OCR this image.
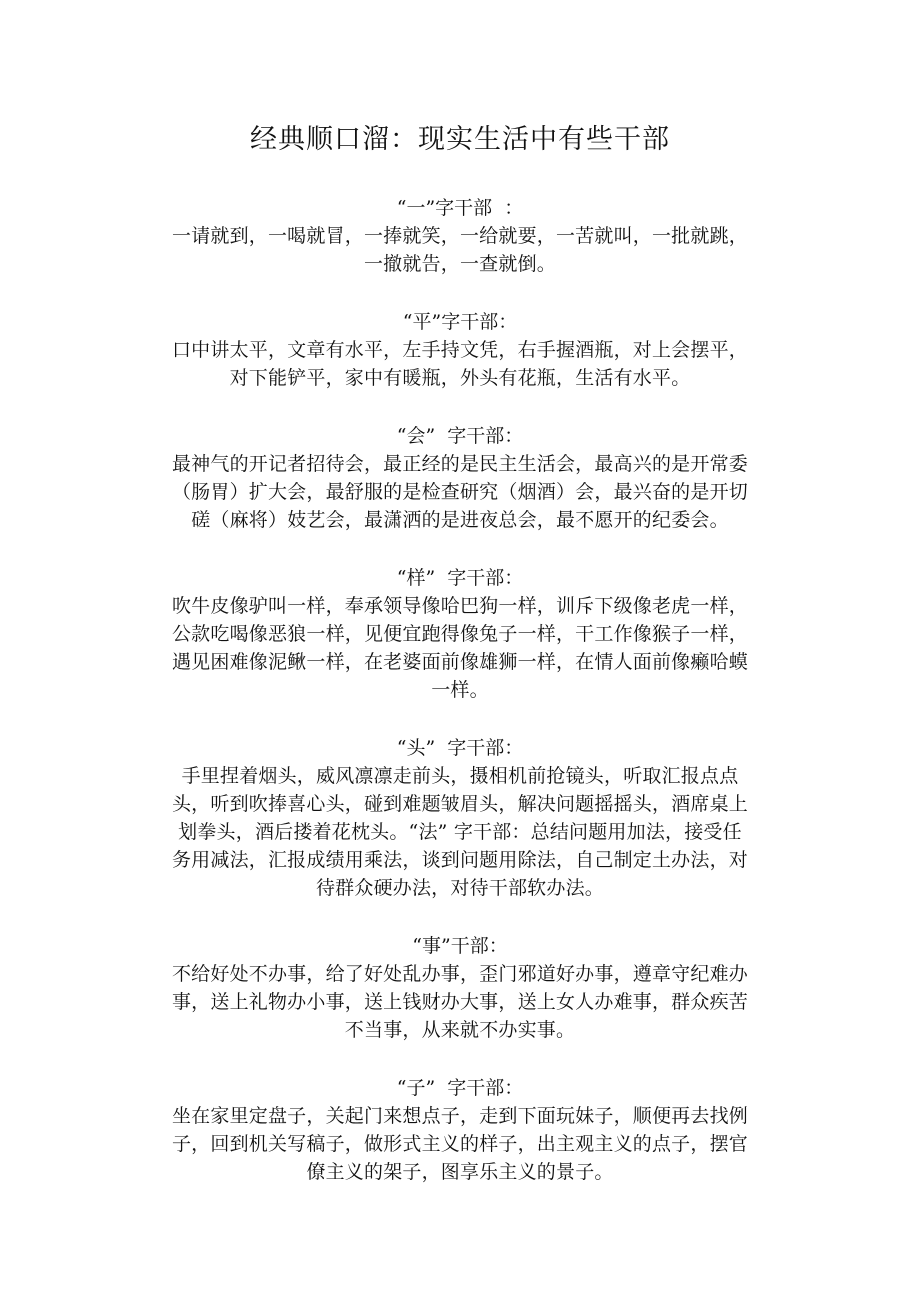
经典顺口溜：现实生活中有些干部
“一”字干部  ：
一请就到，一喝就冒，一捧就笑，一给就要，一苦就叫，一批就跳，
一撤就告，一查就倒。
“平”字干部：
口中讲太平，文章有水平，左手持文凭，右手握酒瓶，对上会摆平，
对下能铲平，家中有暖瓶，外头有花瓶，生活有水平。
“会”  字干部：
最神气的开记者招待会，最正经的是民主生活会，最高兴的是开常委
（肠胃）扩大会，最舒服的是检查研究（烟酒）会，最兴奋的是开切
磋（麻将）妓艺会，最潇洒的是进夜总会，最不愿开的纪委会。
“样”  字干部：
吹牛皮像驴叫一样，奉承领导像哈巴狗一样，训斥下级像老虎一样，
公款吃喝像恶狼一样，见便宜跑得像兔子一样，干工作像猴子一样，
遇见困难像泥鳅一样，在老婆面前像雄狮一样，在情人面前像癞哈蟆
一样。
“头”  字干部：
手里捏着烟头，威风凛凛走前头，摄相机前抢镜头，听取汇报点点
头，听到吹捧喜心头，碰到难题皱眉头，解决问题摇摇头，酒席桌上
划拳头，酒后搂着花枕头。“法” 字干部：总结问题用加法，接受任
务用减法，汇报成绩用乘法，谈到问题用除法，自己制定土办法，对
待群众硬办法，对待干部软办法。
“事”干部：
不给好处不办事，给了好处乱办事，歪门邪道好办事，遵章守纪难办
事，送上礼物办小事，送上钱财办大事，送上女人办难事，群众疾苦
不当事，从来就不办实事。
“子”  字干部：
坐在家里定盘子，关起门来想点子，走到下面玩妹子，顺便再去找例
子，回到机关写稿子，做形式主义的样子，出主观主义的点子，摆官
僚主义的架子，图享乐主义的景子。
